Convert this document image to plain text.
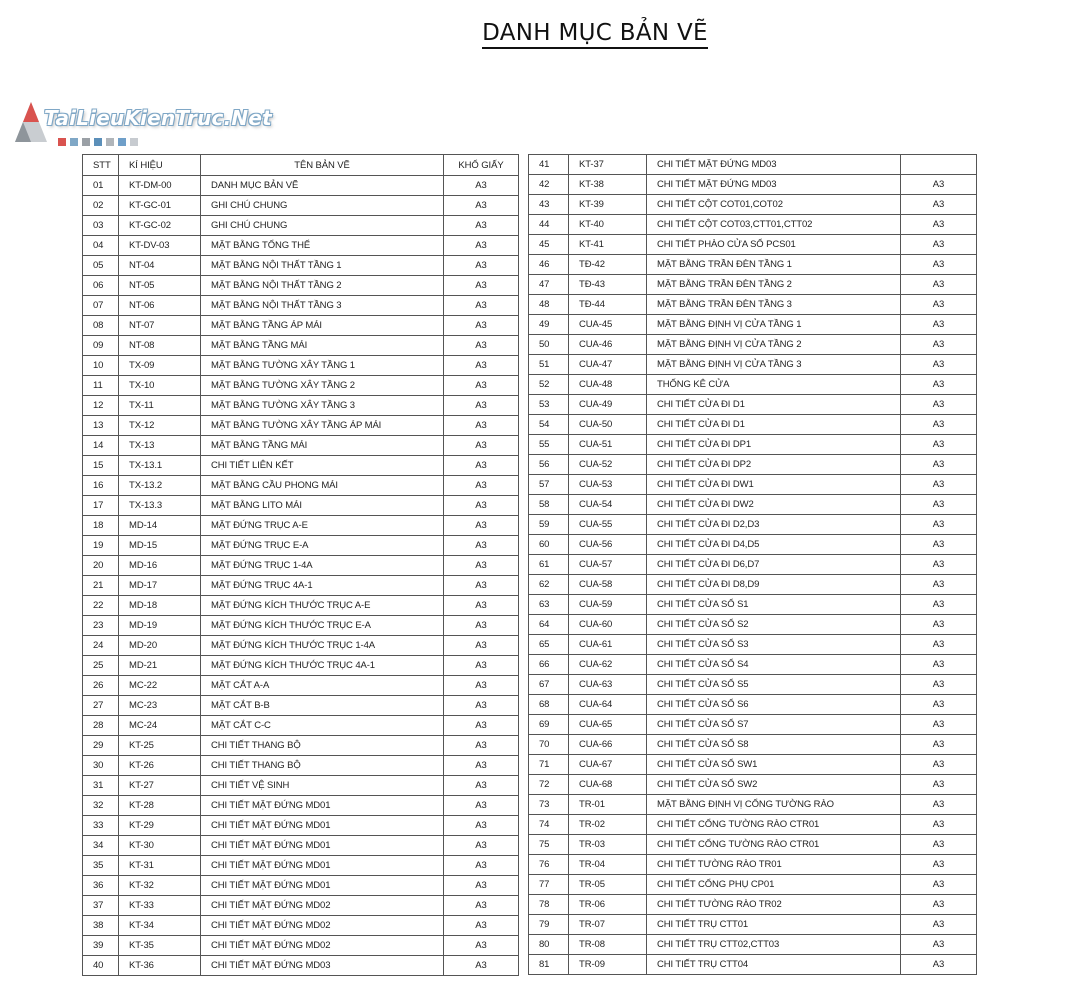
DANH MỤC BẢN VẼ
TaiLieuKienTruc.Net
STT	KÍ HIỆU	TÊN BẢN VẼ	KHỔ GIẤY
01	KT-DM-00	DANH MỤC BẢN VẼ	A3
02	KT-GC-01	GHI CHÚ CHUNG	A3
03	KT-GC-02	GHI CHÚ CHUNG	A3
04	KT-DV-03	MẶT BẰNG TỔNG THỂ	A3
05	NT-04	MẶT BẰNG NỘI THẤT TẦNG 1	A3
06	NT-05	MẶT BẰNG NỘI THẤT TẦNG 2	A3
07	NT-06	MẶT BẰNG NỘI THẤT TẦNG 3	A3
08	NT-07	MẶT BẰNG TẦNG ÁP MÁI	A3
09	NT-08	MẶT BẰNG TẦNG MÁI	A3
10	TX-09	MẶT BẰNG TƯỜNG XÂY TẦNG 1	A3
11	TX-10	MẶT BẰNG TƯỜNG XÂY TẦNG 2	A3
12	TX-11	MẶT BẰNG TƯỜNG XÂY TẦNG 3	A3
13	TX-12	MẶT BẰNG TƯỜNG XÂY TẦNG ÁP MÁI	A3
14	TX-13	MẶT BẰNG TẦNG MÁI	A3
15	TX-13.1	CHI TIẾT LIÊN KẾT	A3
16	TX-13.2	MẶT BẰNG CẦU PHONG MÁI	A3
17	TX-13.3	MẶT BẰNG LITO MÁI	A3
18	MD-14	MẶT ĐỨNG TRỤC A-E	A3
19	MD-15	MẶT ĐỨNG TRỤC E-A	A3
20	MD-16	MẶT ĐỨNG TRỤC 1-4A	A3
21	MD-17	MẶT ĐỨNG TRỤC 4A-1	A3
22	MD-18	MẶT ĐỨNG KÍCH THƯỚC TRỤC A-E	A3
23	MD-19	MẶT ĐỨNG KÍCH THƯỚC TRỤC E-A	A3
24	MD-20	MẶT ĐỨNG KÍCH THƯỚC TRỤC 1-4A	A3
25	MD-21	MẶT ĐỨNG KÍCH THƯỚC TRỤC 4A-1	A3
26	MC-22	MẶT CẮT A-A	A3
27	MC-23	MẶT CẮT B-B	A3
28	MC-24	MẶT CẮT C-C	A3
29	KT-25	CHI TIẾT THANG BỘ	A3
30	KT-26	CHI TIẾT THANG BỘ	A3
31	KT-27	CHI TIẾT VỆ SINH	A3
32	KT-28	CHI TIẾT MẶT ĐỨNG MD01	A3
33	KT-29	CHI TIẾT MẶT ĐỨNG MD01	A3
34	KT-30	CHI TIẾT MẶT ĐỨNG MD01	A3
35	KT-31	CHI TIẾT MẶT ĐỨNG MD01	A3
36	KT-32	CHI TIẾT MẶT ĐỨNG MD01	A3
37	KT-33	CHI TIẾT MẶT ĐỨNG MD02	A3
38	KT-34	CHI TIẾT MẶT ĐỨNG MD02	A3
39	KT-35	CHI TIẾT MẶT ĐỨNG MD02	A3
40	KT-36	CHI TIẾT MẶT ĐỨNG MD03	A3
41	KT-37	CHI TIẾT MẶT ĐỨNG MD03	
42	KT-38	CHI TIẾT MẶT ĐỨNG MD03	A3
43	KT-39	CHI TIẾT CỘT COT01,COT02	A3
44	KT-40	CHI TIẾT CỘT COT03,CTT01,CTT02	A3
45	KT-41	CHI TIẾT PHÀO CỬA SỔ PCS01	A3
46	TĐ-42	MẶT BẰNG TRẦN ĐÈN TẦNG 1	A3
47	TĐ-43	MẶT BẰNG TRẦN ĐÈN TẦNG 2	A3
48	TĐ-44	MẶT BẰNG TRẦN ĐÈN TẦNG 3	A3
49	CUA-45	MẶT BẰNG ĐỊNH VỊ CỬA TẦNG 1	A3
50	CUA-46	MẶT BẰNG ĐỊNH VỊ CỬA TẦNG 2	A3
51	CUA-47	MẶT BẰNG ĐỊNH VỊ CỬA TẦNG 3	A3
52	CUA-48	THỐNG KÊ CỬA	A3
53	CUA-49	CHI TIẾT CỬA ĐI D1	A3
54	CUA-50	CHI TIẾT CỬA ĐI D1	A3
55	CUA-51	CHI TIẾT CỬA ĐI DP1	A3
56	CUA-52	CHI TIẾT CỬA ĐI DP2	A3
57	CUA-53	CHI TIẾT CỬA ĐI DW1	A3
58	CUA-54	CHI TIẾT CỬA ĐI DW2	A3
59	CUA-55	CHI TIẾT CỬA ĐI D2,D3	A3
60	CUA-56	CHI TIẾT CỬA ĐI D4,D5	A3
61	CUA-57	CHI TIẾT CỬA ĐI D6,D7	A3
62	CUA-58	CHI TIẾT CỬA ĐI D8,D9	A3
63	CUA-59	CHI TIẾT CỬA SỔ S1	A3
64	CUA-60	CHI TIẾT CỬA SỔ S2	A3
65	CUA-61	CHI TIẾT CỬA SỔ S3	A3
66	CUA-62	CHI TIẾT CỬA SỔ S4	A3
67	CUA-63	CHI TIẾT CỬA SỔ S5	A3
68	CUA-64	CHI TIẾT CỬA SỔ S6	A3
69	CUA-65	CHI TIẾT CỬA SỔ S7	A3
70	CUA-66	CHI TIẾT CỬA SỔ S8	A3
71	CUA-67	CHI TIẾT CỬA SỔ SW1	A3
72	CUA-68	CHI TIẾT CỬA SỔ SW2	A3
73	TR-01	MẶT BẰNG ĐỊNH VỊ CỔNG TƯỜNG RÀO	A3
74	TR-02	CHI TIẾT CỔNG TƯỜNG RÀO CTR01	A3
75	TR-03	CHI TIẾT CỔNG TƯỜNG RÀO CTR01	A3
76	TR-04	CHI TIẾT TƯỜNG RÀO TR01	A3
77	TR-05	CHI TIẾT CỔNG PHỤ CP01	A3
78	TR-06	CHI TIẾT TƯỜNG RÀO TR02	A3
79	TR-07	CHI TIẾT TRỤ CTT01	A3
80	TR-08	CHI TIẾT TRỤ CTT02,CTT03	A3
81	TR-09	CHI TIẾT TRỤ CTT04	A3
